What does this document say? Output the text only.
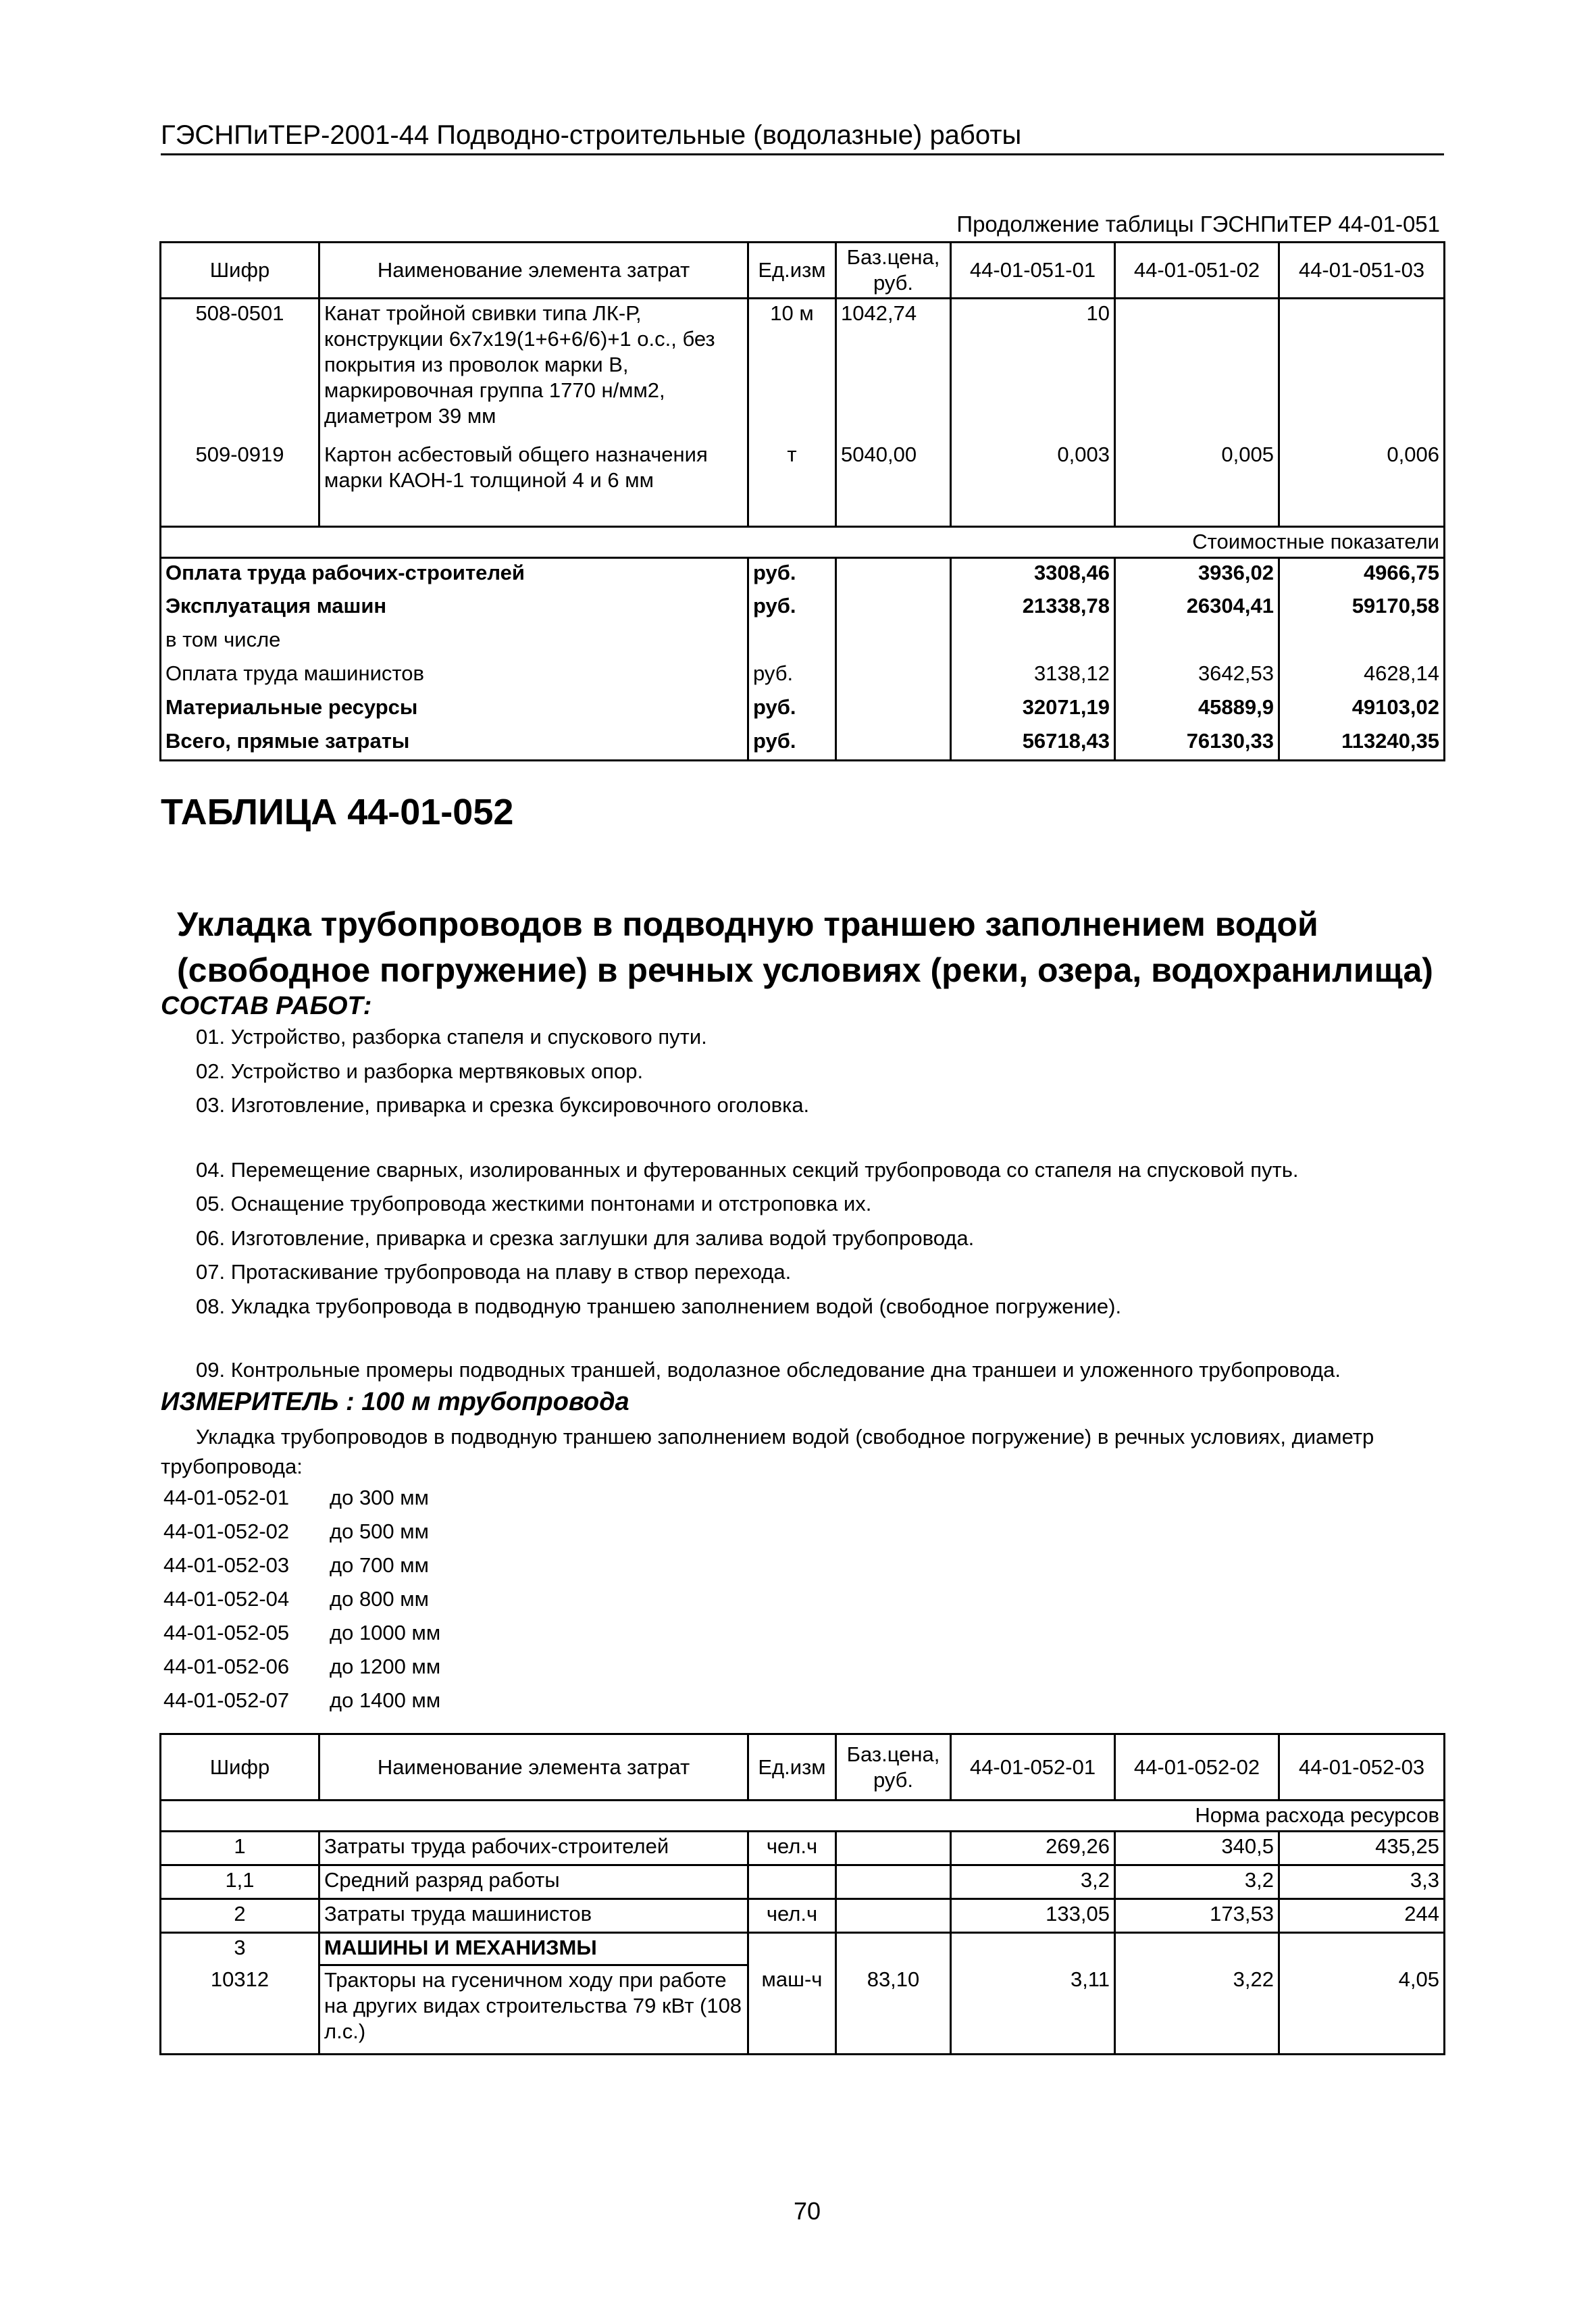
ГЭСНПиТЕР-2001-44 Подводно-строительные (водолазные) работы
Продолжение таблицы ГЭСНПиТЕР 44-01-051
Шифр	Наименование элемента затрат	Ед.изм	Баз.цена, руб.	44-01-051-01	44-01-051-02	44-01-051-03
508-0501	Канат тройной свивки типа ЛК-Р, конструкции 6х7х19(1+6+6/6)+1 о.с., без покрытия из проволок марки В, маркировочная группа 1770 н/мм2, диаметром 39 мм	10 м	1042,74	10		
509-0919	Картон асбестовый общего назначения марки КАОН-1 толщиной 4 и 6 мм	т	5040,00	0,003	0,005	0,006
Стоимостные показатели						
Оплата труда рабочих-строителей		руб.		3308,46	3936,02	4966,75
Эксплуатация машин		руб.		21338,78	26304,41	59170,58
в том числе						
Оплата труда машинистов		руб.		3138,12	3642,53	4628,14
Материальные ресурсы		руб.		32071,19	45889,9	49103,02
Всего, прямые затраты		руб.		56718,43	76130,33	113240,35
ТАБЛИЦА 44-01-052
Укладка трубопроводов в подводную траншею заполнением водой
(свободное погружение) в речных условиях (реки, озера, водохранилища)
СОСТАВ РАБОТ:
01. Устройство, разборка стапеля и спускового пути.
02. Устройство и разборка мертвяковых опор.
03. Изготовление, приварка и срезка буксировочного оголовка.
04. Перемещение сварных, изолированных и футерованных секций трубопровода со стапеля на спусковой путь.
05. Оснащение трубопровода жесткими понтонами и отстроповка их.
06. Изготовление, приварка и срезка заглушки для залива водой трубопровода.
07. Протаскивание трубопровода на плаву в створ перехода.
08. Укладка трубопровода в подводную траншею заполнением водой (свободное погружение).
09. Контрольные промеры подводных траншей, водолазное обследование дна траншеи и уложенного трубопровода.
ИЗМЕРИТЕЛЬ : 100 м трубопровода
Укладка трубопроводов в подводную траншею заполнением водой (свободное погружение) в речных условиях, диаметр трубопровода:
44-01-052-01 до 300 мм
44-01-052-02 до 500 мм
44-01-052-03 до 700 мм
44-01-052-04 до 800 мм
44-01-052-05 до 1000 мм
44-01-052-06 до 1200 мм
44-01-052-07 до 1400 мм
Шифр	Наименование элемента затрат	Ед.изм	Баз.цена, руб.	44-01-052-01	44-01-052-02	44-01-052-03
Норма расхода ресурсов						
1	Затраты труда рабочих-строителей	чел.ч		269,26	340,5	435,25
1,1	Средний разряд работы			3,2	3,2	3,3
2	Затраты труда машинистов	чел.ч		133,05	173,53	244
3	МАШИНЫ И МЕХАНИЗМЫ					
10312	Тракторы на гусеничном ходу при работе на других видах строительства 79 кВт (108 л.с.)	маш-ч	83,10	3,11	3,22	4,05
70
